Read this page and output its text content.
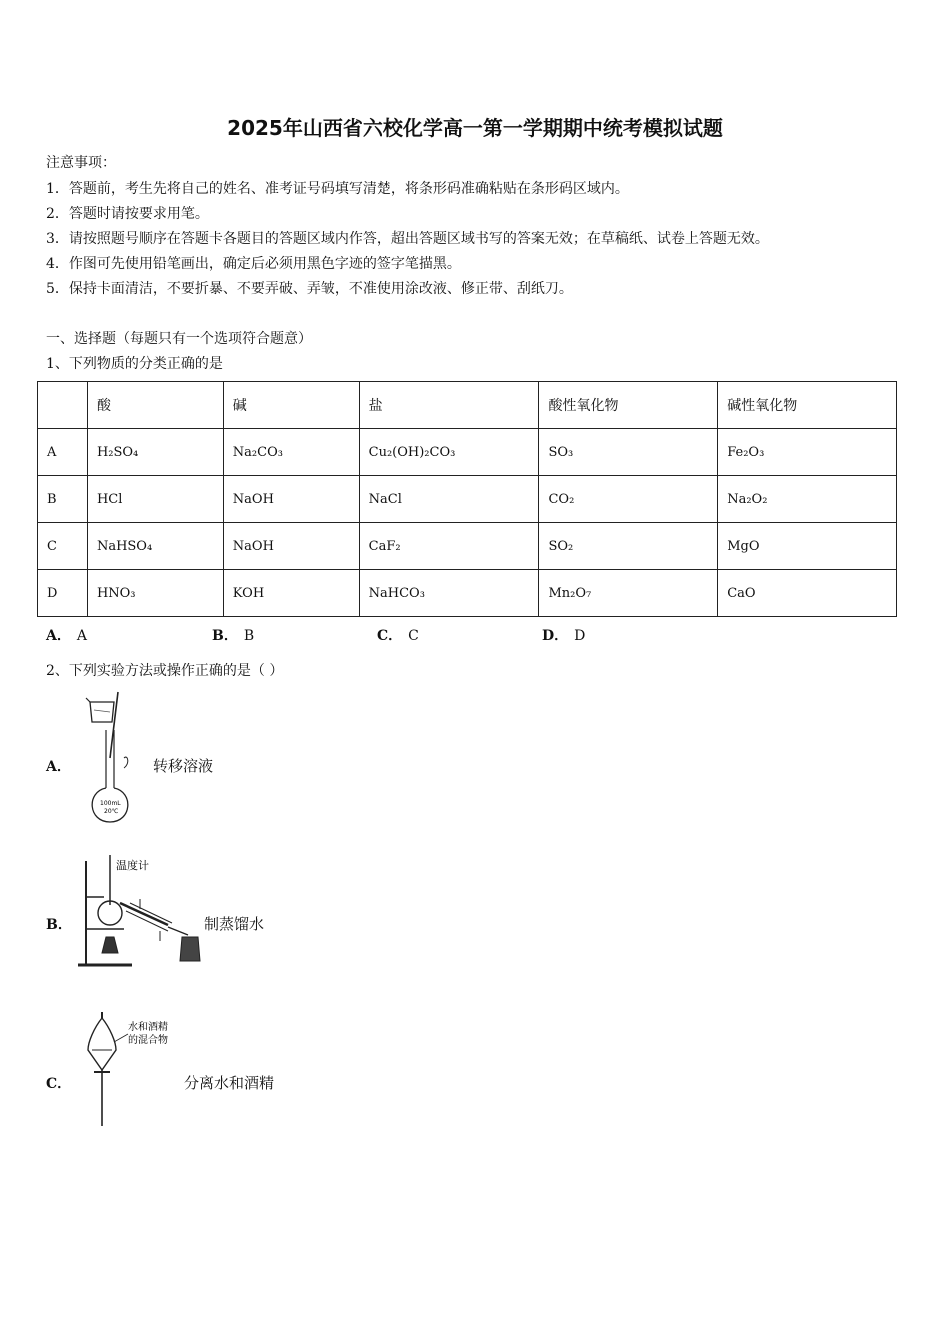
2025年山西省六校化学高一第一学期期中统考模拟试题
注意事项：
1．答题前，考生先将自己的姓名、准考证号码填写清楚，将条形码准确粘贴在条形码区域内。
2．答题时请按要求用笔。
3．请按照题号顺序在答题卡各题目的答题区域内作答，超出答题区域书写的答案无效；在草稿纸、试卷上答题无效。
4．作图可先使用铅笔画出，确定后必须用黑色字迹的签字笔描黑。
5．保持卡面清洁，不要折暴、不要弄破、弄皱，不准使用涂改液、修正带、刮纸刀。
一、选择题（每题只有一个选项符合题意）
1、下列物质的分类正确的是
	酸	碱	盐	酸性氧化物	碱性氧化物
A	H₂SO₄	Na₂CO₃	Cu₂(OH)₂CO₃	SO₃	Fe₂O₃
B	HCl	NaOH	NaCl	CO₂	Na₂O₂
C	NaHSO₄	NaOH	CaF₂	SO₂	MgO
D	HNO₃	KOH	NaHCO₃	Mn₂O₇	CaO
A． A	B． B	C． C	D． D
2、下列实验方法或操作正确的是（ ）
A．
100mL
20℃
转移溶液
B．
温度计
制蒸馏水
C．
水和酒精
的混合物
分离水和酒精
